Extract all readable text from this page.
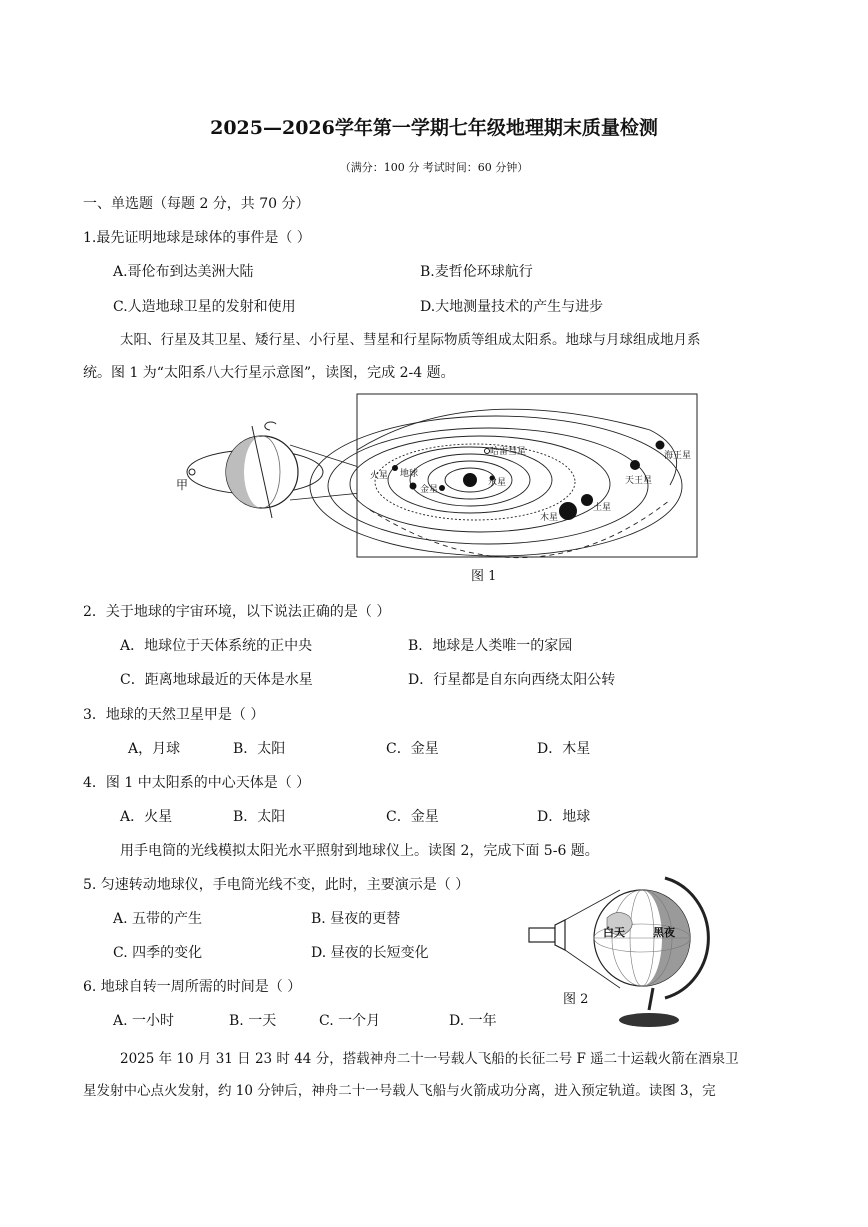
2025—2026学年第一学期七年级地理期末质量检测
（满分：100 分 考试时间：60 分钟）
一、单选题（每题 2 分，共 70 分）
1.最先证明地球是球体的事件是（ ）
A.哥伦布到达美洲大陆	B.麦哲伦环球航行
C.人造地球卫星的发射和使用	D.大地测量技术的产生与进步
太阳、行星及其卫星、矮行星、小行星、彗星和行星际物质等组成太阳系。地球与月球组成地月系
统。图 1 为“太阳系八大行星示意图”，读图，完成 2-4 题。
甲
海王星
天王星
土星
木星
火星 地球
金星
水星
哈雷彗星
图 1
2．关于地球的宇宙环境，以下说法正确的是（ ）
A．地球位于天体系统的正中央	B．地球是人类唯一的家园
C．距离地球最近的天体是水星	D．行星都是自东向西绕太阳公转
3．地球的天然卫星甲是（ ）
A，月球	B．太阳	C．金星	D．木星
4．图 1 中太阳系的中心天体是（ ）
A．火星	B．太阳	C．金星	D．地球
用手电筒的光线模拟太阳光水平照射到地球仪上。读图 2，完成下面 5-6 题。
5. 匀速转动地球仪，手电筒光线不变，此时，主要演示是（ ）
A. 五带的产生	B. 昼夜的更替
C. 四季的变化	D. 昼夜的长短变化
6. 地球自转一周所需的时间是（ ）
A. 一小时	B. 一天	C. 一个月	D. 一年
白天	黑夜
图 2
2025 年 10 月 31 日 23 时 44 分，搭载神舟二十一号载人飞船的长征二号 F 遥二十运载火箭在酒泉卫
星发射中心点火发射，约 10 分钟后，神舟二十一号载人飞船与火箭成功分离，进入预定轨道。读图 3，完
